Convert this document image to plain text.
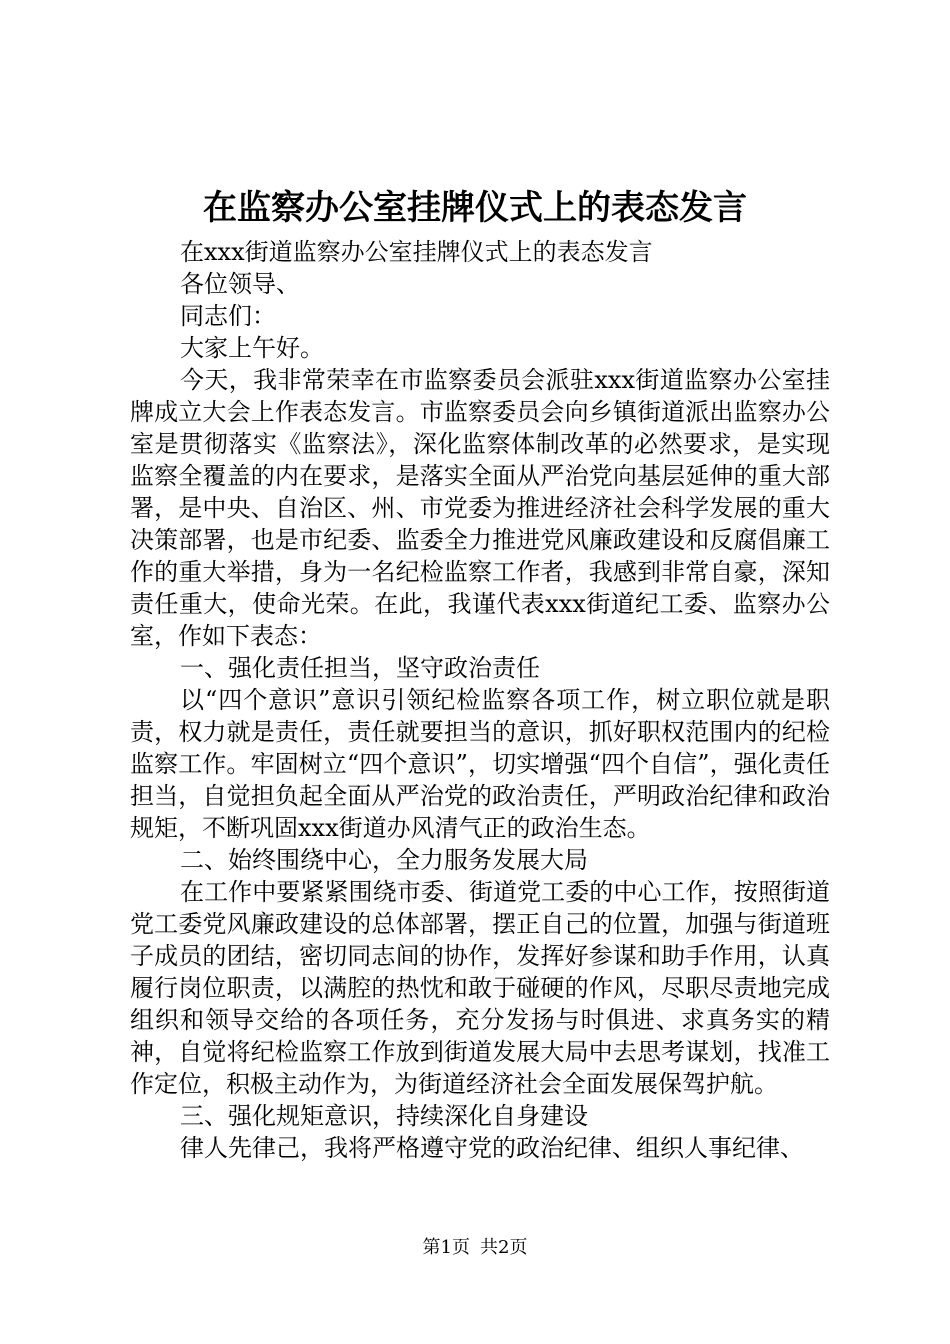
在监察办公室挂牌仪式上的表态发言

在xxx街道监察办公室挂牌仪式上的表态发言

各位领导、

同志们：

大家上午好。

今天，我非常荣幸在市监察委员会派驻xxx街道监察办公室挂牌成立大会上作表态发言。市监察委员会向乡镇街道派出监察办公室是贯彻落实《监察法》，深化监察体制改革的必然要求，是实现监察全覆盖的内在要求，是落实全面从严治党向基层延伸的重大部署，是中央、自治区、州、市党委为推进经济社会科学发展的重大决策部署，也是市纪委、监委全力推进党风廉政建设和反腐倡廉工作的重大举措，身为一名纪检监察工作者，我感到非常自豪，深知责任重大，使命光荣。在此，我谨代表xxx街道纪工委、监察办公室，作如下表态：

一、强化责任担当，坚守政治责任

以“四个意识”意识引领纪检监察各项工作，树立职位就是职责，权力就是责任，责任就要担当的意识，抓好职权范围内的纪检监察工作。牢固树立“四个意识”，切实增强“四个自信”，强化责任担当，自觉担负起全面从严治党的政治责任，严明政治纪律和政治规矩，不断巩固xxx街道办风清气正的政治生态。

二、始终围绕中心，全力服务发展大局

在工作中要紧紧围绕市委、街道党工委的中心工作，按照街道党工委党风廉政建设的总体部署，摆正自己的位置，加强与街道班子成员的团结，密切同志间的协作，发挥好参谋和助手作用，认真履行岗位职责，以满腔的热忱和敢于碰硬的作风，尽职尽责地完成组织和领导交给的各项任务，充分发扬与时俱进、求真务实的精神，自觉将纪检监察工作放到街道发展大局中去思考谋划，找准工作定位，积极主动作为，为街道经济社会全面发展保驾护航。

三、强化规矩意识，持续深化自身建设

律人先律己，我将严格遵守党的政治纪律、组织人事纪律、

第1页 共2页
